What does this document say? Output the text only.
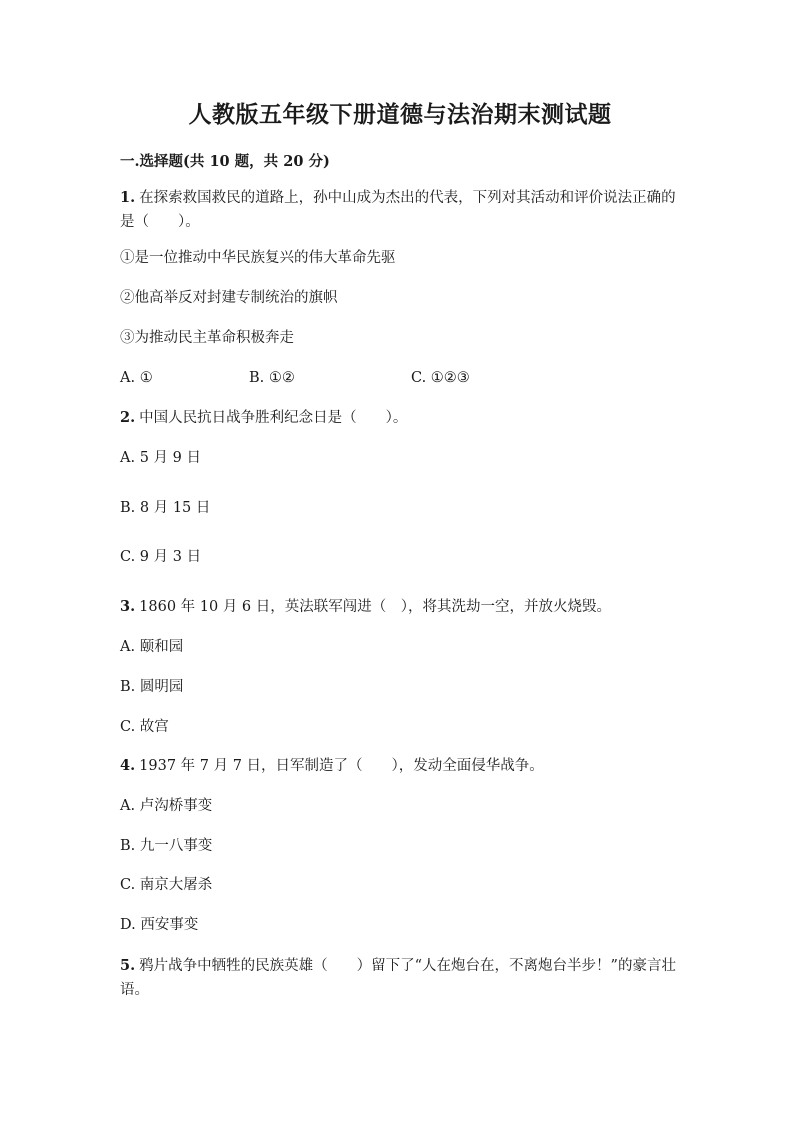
人教版五年级下册道德与法治期末测试题
一.选择题(共 10 题，共 20 分)
1. 在探索救国救民的道路上，孙中山成为杰出的代表，下列对其活动和评价说法正确的是（　　）。
①是一位推动中华民族复兴的伟大革命先驱
②他高举反对封建专制统治的旗帜
③为推动民主革命积极奔走
A. ①	B. ①②	C. ①②③
2. 中国人民抗日战争胜利纪念日是（　　）。
A. 5 月 9 日
B. 8 月 15 日
C. 9 月 3 日
3. 1860 年 10 月 6 日，英法联军闯进（　），将其洗劫一空，并放火烧毁。
A. 颐和园
B. 圆明园
C. 故宫
4. 1937 年 7 月 7 日，日军制造了（　　），发动全面侵华战争。
A. 卢沟桥事变
B. 九一八事变
C. 南京大屠杀
D. 西安事变
5. 鸦片战争中牺牲的民族英雄（　　）留下了“人在炮台在，不离炮台半步！”的豪言壮语。
